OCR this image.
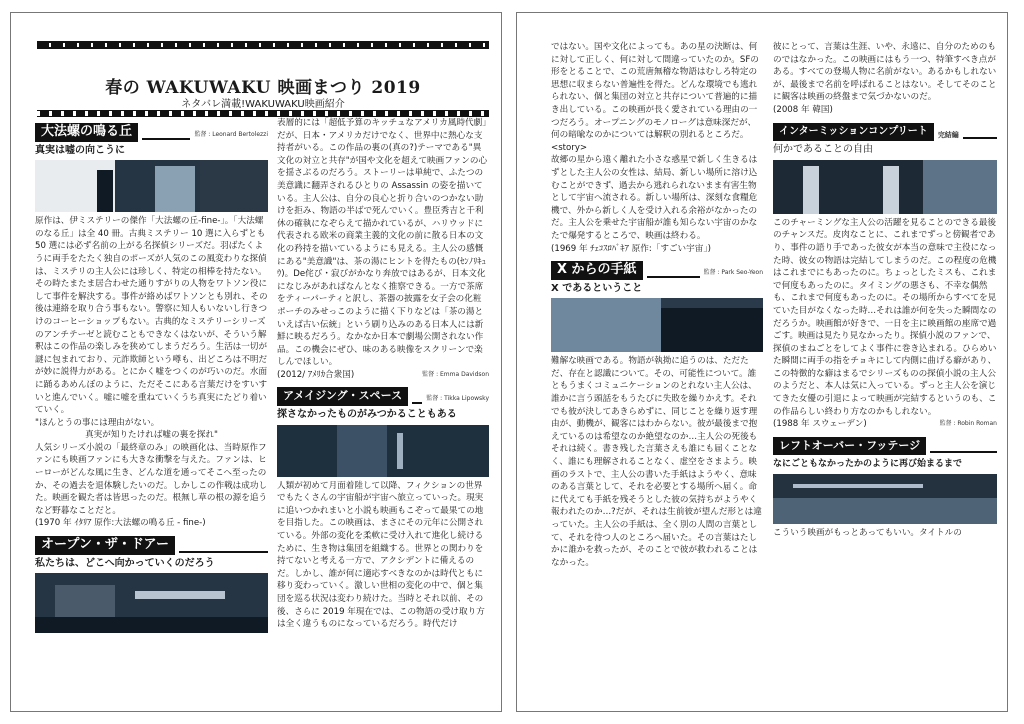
春の WAKUWAKU 映画まつり 2019
ネタバレ満載!WAKUWAKU映画紹介
大法螺の鳴る丘	監督 : Leonard Bertolezzi
真実は嘘の向こうに

原作は、伊ミステリーの傑作「大法螺の丘-fine-」。「大法螺のなる丘」は全 40 冊。古典ミステリー 10 選に入らずとも 50 選には必ず名前の上がる名探偵シリーズだ。羽ばたくように両手をたたく独自のポーズが人気のこの風変わりな探偵は、ミステリの主人公には珍しく、特定の相棒を持たない。その時たまたま居合わせた通りすがりの人物をワトソン役にして事件を解決する。事件が絡めばワトソンとも別れ、その後は連絡を取り合う事もない。警察に知人もいないし行きつけのコーヒーショップもない。古典的なミステリーシリーズのアンチテーゼと読むこともできなくはないが、そういう解釈はこの作品の楽しみを狭めてしまうだろう。生活は一切が謎に包まれており、元詐欺師という噂も、出どころは不明だが妙に説得力がある。とにかく嘘をつくのが巧いのだ。水面に踊るあめんぼのように、ただそこにある言葉だけをすいすいと進んでいく。嘘に嘘を重ねていくうち真実にたどり着いていく。

"ほんとうの事には理由がない。

真実が知りたければ嘘の裏を探れ"

人気シリーズ小説の「最終章のみ」の映画化は、当時原作ファンにも映画ファンにも大きな衝撃を与えた。ファンは、ヒーローがどんな風に生き、どんな道を通ってそこへ至ったのか、その過去を退体験したいのだ。しかしこの作戦は成功した。映画を観た者は皆思ったのだ。根無し草の根の源を追うなど野暮なことだと。

(1970 年 ｲﾀﾘｱ 原作:大法螺の鳴る丘 - fine-)

オープン・ザ・ドアー
私たちは、どこへ向かっていくのだろう

表層的には「超低予算のキッチュなアメリカ風時代劇」だが、日本・アメリカだけでなく、世界中に熱心な支持者がいる。この作品の裏の(真の?)テーマである"異文化の対立と共存"が国や文化を超えて映画ファンの心を揺さぶるのだろう。ストーリーは単純で、ふたつの美意識に翻弄されるひとりの Assassin の姿を描いている。主人公は、自分の良心と折り合いのつかない助けを拒み、物語の半ばで死んでいく。豊臣秀吉と千利休の確執になぞらえて描かれているが、ハリウッドに代表される欧米の商業主義的文化の前に散る日本の文化の矜持を描いているようにも見える。主人公の感慨にある"美意識"は、茶の湯にヒントを得たもの(ｾﾝﾉﾘｷｭｳ)。De侘び・寂びがかなり奔放ではあるが、日本文化になじみがあればなんとなく推察できる。一方で茶席をティーパーティと訳し、茶器の披露を女子会の化粧ポーチのみせっこのように描く下りなどは「茶の湯といえば古い伝統」という刷り込みのある日本人には新鮮に映るだろう。なかなか日本で劇場公開されない作品。この機会にぜひ、味のある映像をスクリーンで楽しんでほしい。

(2012/ ｱﾒﾘｶ合衆国)	監督 : Emma Davidson

アメイジング・スペース	監督 : Tikka Lipowsky
探さなかったものがみつかることもある

人類が初めて月面着陸して以降、フィクションの世界でもたくさんの宇宙船が宇宙へ旅立っていった。現実に追いつかれまいと小説も映画もこぞって最果ての地を目指した。この映画は、まさにその元年に公開されている。外部の変化を柔軟に受け入れて進化し続けるために、生き物は集団を組織する。世界との関わりを持てないと考える一方で、アクシデントに備えるのだ。しかし、誰が何に適応すべきなのかは時代ともに移り変わっていく。激しい世相の変化の中で、個と集団を巡る状況は変わり続けた。当時とそれ以前、その後、さらに 2019 年現在では、この物語の受け取り方は全く違うものになっているだろう。時代だけ

ではない。国や文化によっても。あの星の決断は、何に対して正しく、何に対して間違っていたのか。SFの形をとることで、この荒唐無稽な物語はむしろ特定の思想に収まらない普遍性を得た。どんな環境でも逃れられない、個と集団の対立と共存について普遍的に描き出している。この映画が長く愛されている理由の一つだろう。オープニングのモノローグは意味深だが、何の暗喩なのかについては解釈の別れるところだ。

<story>

故郷の星から遠く離れた小さな惑星で新しく生きるはずとした主人公の女性は、結局、新しい場所に溶け込むことができず、過去から逃れられないまま有害生物として宇宙へ流される。新しい場所は、深刻な食糧危機で、外から新しく人を受け入れる余裕がなかったのだ。主人公を乗せた宇宙船が誰も知らない宇宙のかなたで爆発するところで、映画は終わる。

(1969 年 ﾁｪｺｽﾛﾊﾞｷｱ 原作:「すごい宇宙」)

X からの手紙	監督 : Park Seo-Yeon
X であるということ

難解な映画である。物語が執拗に追うのは、ただただ、存在と認識について。その、可能性について。誰ともうまくコミュニケーションのとれない主人公は、誰かに言う頭話をもうたびに失敗を繰りかえす。それでも彼が決してあきらめずに、同じことを繰り返す理由が、動機が、観客にはわからない。彼が最後まで抱えているのは希望なのか絶望なのか…主人公の死後もそれは続く。書き残した言葉さえも誰にも届くことなく、誰にも理解されることなく、虚空をさまよう。映画のラストで、主人公の書いた手紙はようやく、意味のある言葉として、それを必要とする場所へ届く。命に代えても手紙を残そうとした彼の気持ちがようやく報われたのか…?だが、それは生前彼が望んだ形とは違っていた。主人公の手紙は、全く別の人間の言葉として、それを待つ人のところへ届いた。その言葉はたしかに誰かを救ったが、そのことで彼が救われることはなかった。

彼にとって、言葉は生涯、いや、永遠に、自分のためのものではなかった。この映画にはもう一つ、特筆すべき点がある。すべての登場人物に名前がない。あるかもしれないが、最後まで名前を呼ばれることはない。そしてそのことに観客は映画の終盤まで気づかないのだ。

(2008 年 韓国)

インターミッションコンプリート	完結編
何かであることの自由

このチャーミングな主人公の活躍を見ることのできる最後のチャンスだ。皮肉なことに、これまでずっと傍観者であり、事件の語り手であった彼女が本当の意味で主役になった時、彼女の物語は完結してしまうのだ。この程度の危機はこれまでにもあったのに。ちょっとしたミスも、これまで何度もあったのに。タイミングの悪さも、不幸な偶然も、これまで何度もあったのに。その場所からすべてを見ていた目がなくなった時…それは誰が何を失った瞬間なのだろうか。映画館が好きで、一日を主に映画館の座席で過ごす。映画は見たり見なかったり。探偵小説のファンで、探偵のまねごとをしてよく事件に巻き込まれる。ひらめいた瞬間に両手の指をチョキにして内側に曲げる癖があり、この特徴的な癖はまるでシリーズものの探偵小説の主人公のようだと、本人は気に入っている。ずっと主人公を演じてきた女優の引退によって映画が完結するというのも、この作品らしい終わり方なのかもしれない。

(1988 年 スウェーデン)	監督 : Robin Roman

レフトオーバー・フッテージ
なにごともなかったかのように再び始まるまで

こういう映画がもっとあってもいい。タイトルの
